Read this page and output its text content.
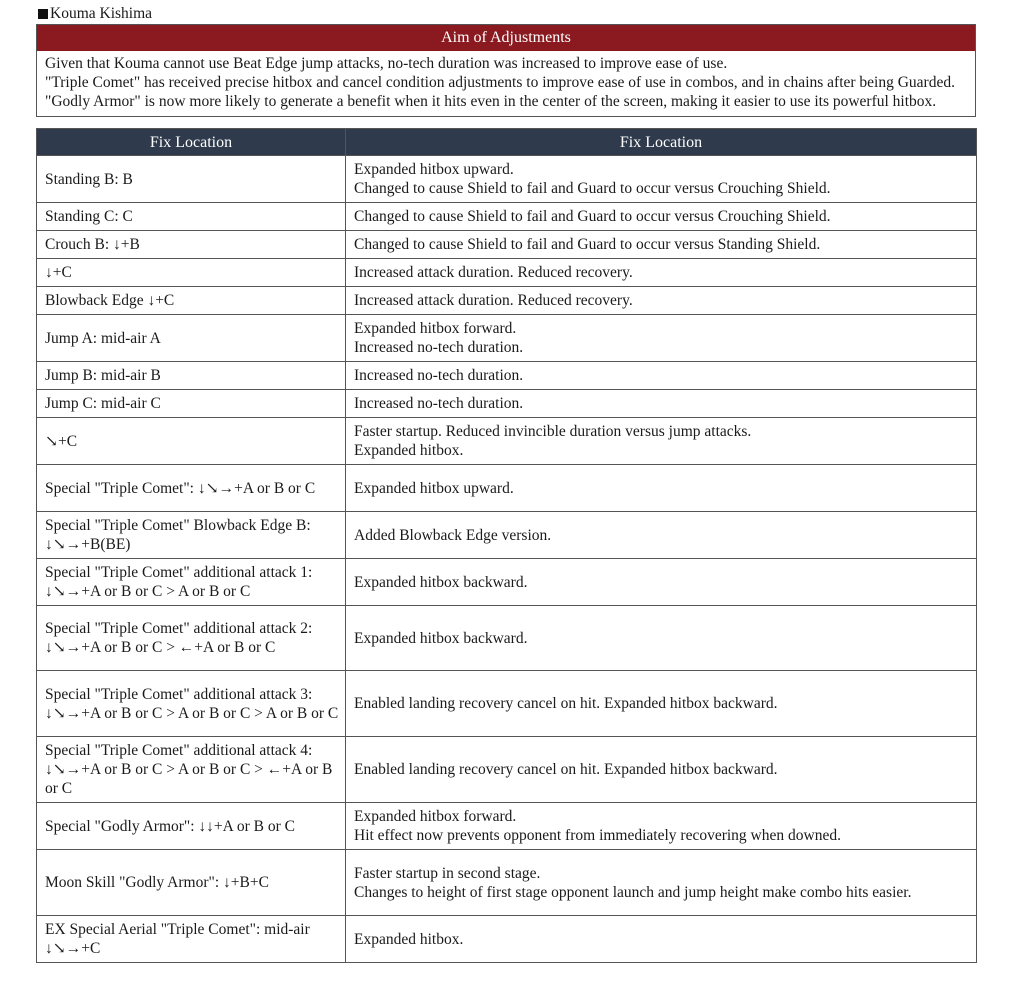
Kouma Kishima
Aim of Adjustments

Given that Kouma cannot use Beat Edge jump attacks, no-tech duration was increased to improve ease of use.

"Triple Comet" has received precise hitbox and cancel condition adjustments to improve ease of use in combos, and in chains after being Guarded.

"Godly Armor" is now more likely to generate a benefit when it hits even in the center of the screen, making it easier to use its powerful hitbox.

Fix Location	Fix Location
Standing B: B	Expanded hitbox upward.
Changed to cause Shield to fail and Guard to occur versus Crouching Shield.

Standing C: C	Changed to cause Shield to fail and Guard to occur versus Crouching Shield.

Crouch B: ↓+B	Changed to cause Shield to fail and Guard to occur versus Standing Shield.

↓+C	Increased attack duration. Reduced recovery.

Blowback Edge ↓+C	Increased attack duration. Reduced recovery.

Jump A: mid-air A	Expanded hitbox forward.
Increased no-tech duration.

Jump B: mid-air B	Increased no-tech duration.

Jump C: mid-air C	Increased no-tech duration.

↘+C	Faster startup. Reduced invincible duration versus jump attacks.
Expanded hitbox.

Special "Triple Comet": ↓↘→+A or B or C	Expanded hitbox upward.

Special "Triple Comet" Blowback Edge B: ↓↘→+B(BE)	Added Blowback Edge version.

Special "Triple Comet" additional attack 1: ↓↘→+A or B or C > A or B or C	Expanded hitbox backward.

Special "Triple Comet" additional attack 2: ↓↘→+A or B or C > ←+A or B or C	Expanded hitbox backward.

Special "Triple Comet" additional attack 3: ↓↘→+A or B or C > A or B or C > A or B or C	Enabled landing recovery cancel on hit. Expanded hitbox backward.

Special "Triple Comet" additional attack 4: ↓↘→+A or B or C > A or B or C > ←+A or B or C	Enabled landing recovery cancel on hit. Expanded hitbox backward.

Special "Godly Armor": ↓↓+A or B or C	Expanded hitbox forward.
Hit effect now prevents opponent from immediately recovering when downed.

Moon Skill "Godly Armor": ↓+B+C	Faster startup in second stage.
Changes to height of first stage opponent launch and jump height make combo hits easier.

EX Special Aerial "Triple Comet": mid-air ↓↘→+C	Expanded hitbox.
